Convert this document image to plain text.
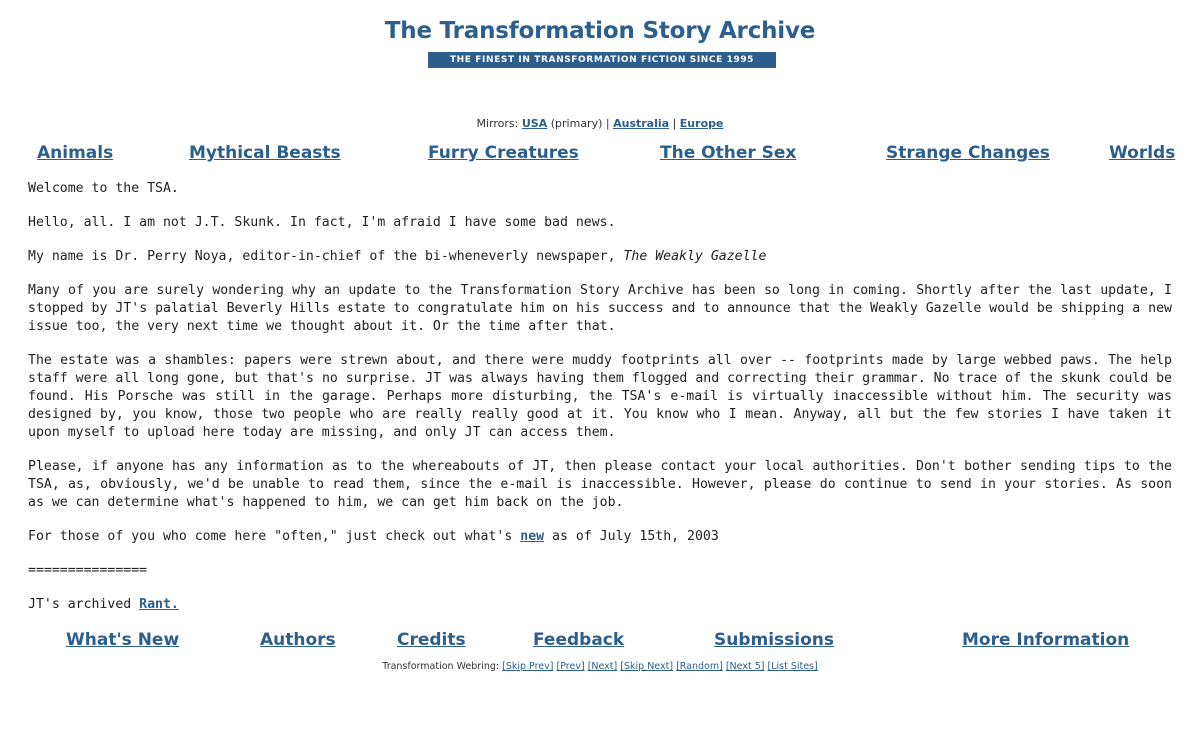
The Transformation Story Archive
THE FINEST IN TRANSFORMATION FICTION SINCE 1995
Mirrors: USA (primary) | Australia | Europe
Animals	Mythical Beasts	Furry Creatures	The Other Sex	Strange Changes	Worlds

Welcome to the TSA.

Hello, all. I am not J.T. Skunk. In fact, I'm afraid I have some bad news.

My name is Dr. Perry Noya, editor-in-chief of the bi-wheneverly newspaper, The Weakly Gazelle

Many of you are surely wondering why an update to the Transformation Story Archive has been so long in coming. Shortly after the last update, I stopped by JT's palatial Beverly Hills estate to congratulate him on his success and to announce that the Weakly Gazelle would be shipping a new issue too, the very next time we thought about it. Or the time after that.

The estate was a shambles: papers were strewn about, and there were muddy footprints all over -- footprints made by large webbed paws. The help staff were all long gone, but that's no surprise. JT was always having them flogged and correcting their grammar. No trace of the skunk could be found. His Porsche was still in the garage. Perhaps more disturbing, the TSA's e-mail is virtually inaccessible without him. The security was designed by, you know, those two people who are really really good at it. You know who I mean. Anyway, all but the few stories I have taken it upon myself to upload here today are missing, and only JT can access them.

Please, if anyone has any information as to the whereabouts of JT, then please contact your local authorities. Don't bother sending tips to the TSA, as, obviously, we'd be unable to read them, since the e-mail is inaccessible. However, please do continue to send in your stories. As soon as we can determine what's happened to him, we can get him back on the job.

For those of you who come here "often," just check out what's new as of July 15th, 2003

===============

JT's archived Rant.

What's New	Authors	Credits	Feedback	Submissions	More Information
Transformation Webring: [Skip Prev] [Prev] [Next] [Skip Next] [Random] [Next 5] [List Sites]
